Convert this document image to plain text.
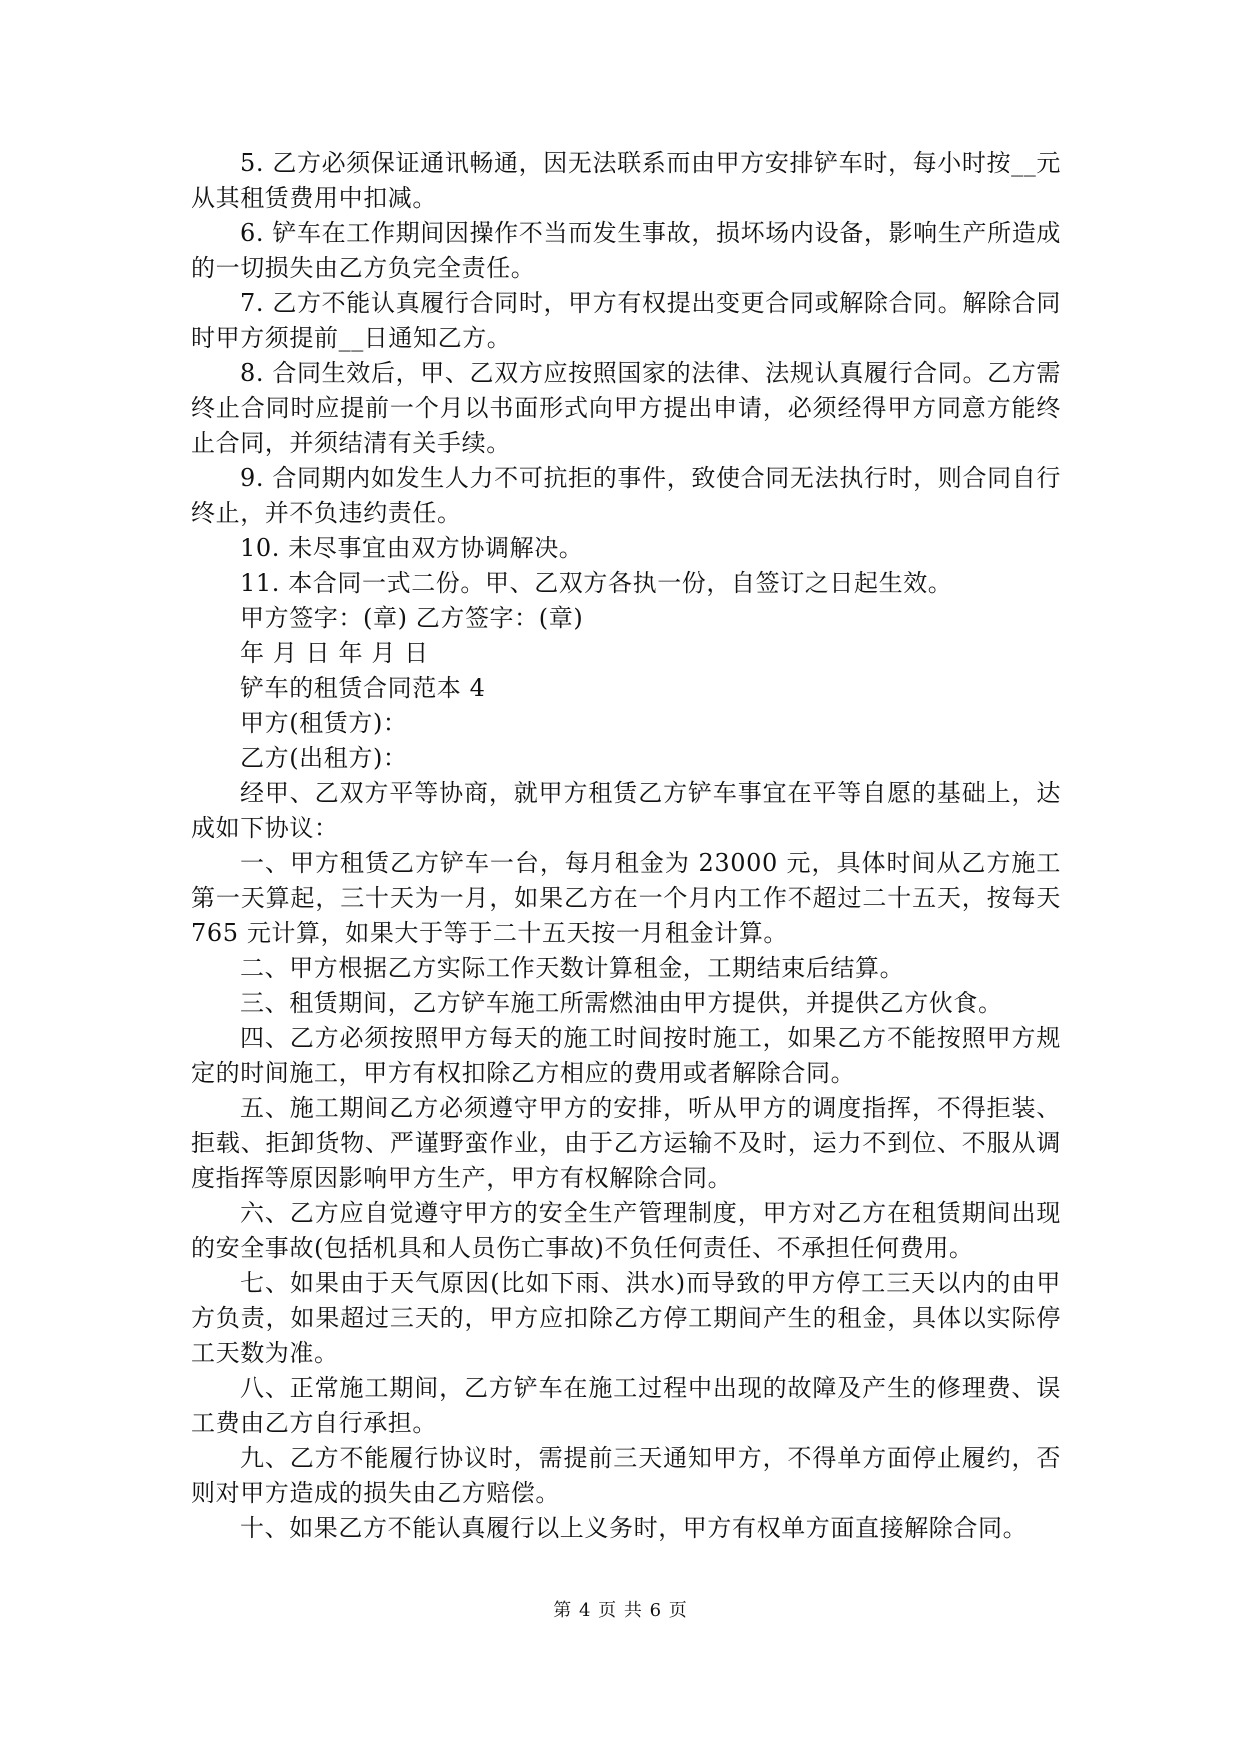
5. 乙方必须保证通讯畅通，因无法联系而由甲方安排铲车时，每小时按__元从其租赁费用中扣减。

6. 铲车在工作期间因操作不当而发生事故，损坏场内设备，影响生产所造成的一切损失由乙方负完全责任。

7. 乙方不能认真履行合同时，甲方有权提出变更合同或解除合同。解除合同时甲方须提前__日通知乙方。

8. 合同生效后，甲、乙双方应按照国家的法律、法规认真履行合同。乙方需终止合同时应提前一个月以书面形式向甲方提出申请，必须经得甲方同意方能终止合同，并须结清有关手续。

9. 合同期内如发生人力不可抗拒的事件，致使合同无法执行时，则合同自行终止，并不负违约责任。

10. 未尽事宜由双方协调解决。

11. 本合同一式二份。甲、乙双方各执一份，自签订之日起生效。

甲方签字：(章) 乙方签字：(章)

年 月 日 年 月 日

铲车的租赁合同范本 4

甲方(租赁方)：

乙方(出租方)：

经甲、乙双方平等协商，就甲方租赁乙方铲车事宜在平等自愿的基础上，达成如下协议：

一、甲方租赁乙方铲车一台，每月租金为 23000 元，具体时间从乙方施工第一天算起，三十天为一月，如果乙方在一个月内工作不超过二十五天，按每天 765 元计算，如果大于等于二十五天按一月租金计算。

二、甲方根据乙方实际工作天数计算租金，工期结束后结算。

三、租赁期间，乙方铲车施工所需燃油由甲方提供，并提供乙方伙食。

四、乙方必须按照甲方每天的施工时间按时施工，如果乙方不能按照甲方规定的时间施工，甲方有权扣除乙方相应的费用或者解除合同。

五、施工期间乙方必须遵守甲方的安排，听从甲方的调度指挥，不得拒装、拒载、拒卸货物、严谨野蛮作业，由于乙方运输不及时，运力不到位、不服从调度指挥等原因影响甲方生产，甲方有权解除合同。

六、乙方应自觉遵守甲方的安全生产管理制度，甲方对乙方在租赁期间出现的安全事故(包括机具和人员伤亡事故)不负任何责任、不承担任何费用。

七、如果由于天气原因(比如下雨、洪水)而导致的甲方停工三天以内的由甲方负责，如果超过三天的，甲方应扣除乙方停工期间产生的租金，具体以实际停工天数为准。

八、正常施工期间，乙方铲车在施工过程中出现的故障及产生的修理费、误工费由乙方自行承担。

九、乙方不能履行协议时，需提前三天通知甲方，不得单方面停止履约，否则对甲方造成的损失由乙方赔偿。

十、如果乙方不能认真履行以上义务时，甲方有权单方面直接解除合同。

第 4 页 共 6 页
